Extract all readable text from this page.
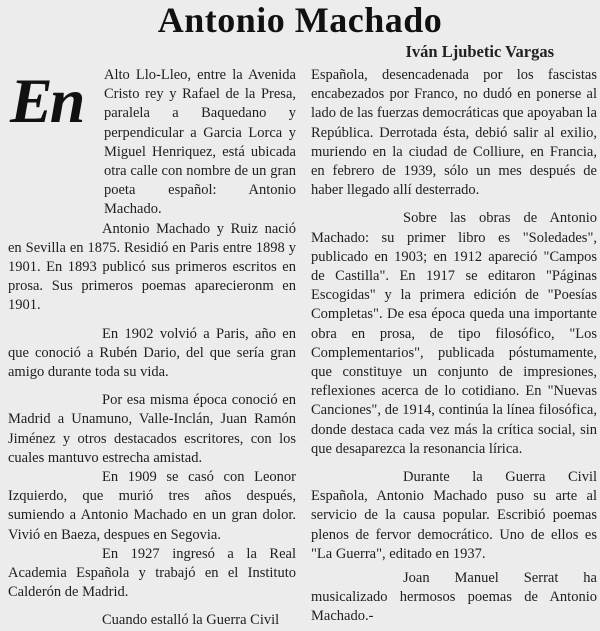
Antonio Machado
Iván Ljubetic Vargas
En	Alto Llo-Lleo, entre la Avenida Cristo rey y Rafael de la Presa, paralela a Baquedano y perpendicular a Garcia Lorca y Miguel Henriquez, está ubicada otra calle con nombre de un gran poeta español: Antonio Machado.

Antonio Machado y Ruiz nació en Sevilla en 1875. Residió en Paris entre 1898 y 1901. En 1893 publicó sus primeros escritos en prosa. Sus primeros poemas aparecieronm en 1901.

En 1902 volvió a Paris, año en que conoció a Rubén Dario, del que sería gran amigo durante toda su vida.

Por esa misma época conoció en Madrid a Unamuno, Valle-Inclán, Juan Ramón Jiménez y otros destacados escritores, con los cuales mantuvo estrecha amistad.

En 1909 se casó con Leonor Izquierdo, que murió tres años después, sumiendo a Antonio Machado en un gran dolor. Vivió en Baeza, despues en Segovia.

En 1927 ingresó a la Real Academia Española y trabajó en el Instituto Calderón de Madrid.

Cuando estalló la Guerra Civil

Española, desencadenada por los fascistas encabezados por Franco, no dudó en ponerse al lado de las fuerzas democráticas que apoyaban la República. Derrotada ésta, debió salir al exilio, muriendo en la ciudad de Colliure, en Francia, en febrero de 1939, sólo un mes después de haber llegado allí desterrado.

Sobre las obras de Antonio Machado: su primer libro es "Soledades", publicado en 1903; en 1912 apareció "Campos de Castilla". En 1917 se editaron "Páginas Escogidas" y la primera edición de "Poesías Completas". De esa época queda una importante obra en prosa, de tipo filosófico, "Los Complementarios", publicada póstumamente, que constituye un conjunto de impresiones, reflexiones acerca de lo cotidiano. En "Nuevas Canciones", de 1914, continúa la línea filosófica, donde destaca cada vez más la crítica social, sin que desaparezca la resonancia lírica.

Durante la Guerra Civil Española, Antonio Machado puso su arte al servicio de la causa popular. Escribió poemas plenos de fervor democrático. Uno de ellos es "La Guerra", editado en 1937.

Joan Manuel Serrat ha musicalizado hermosos poemas de Antonio Machado.-
